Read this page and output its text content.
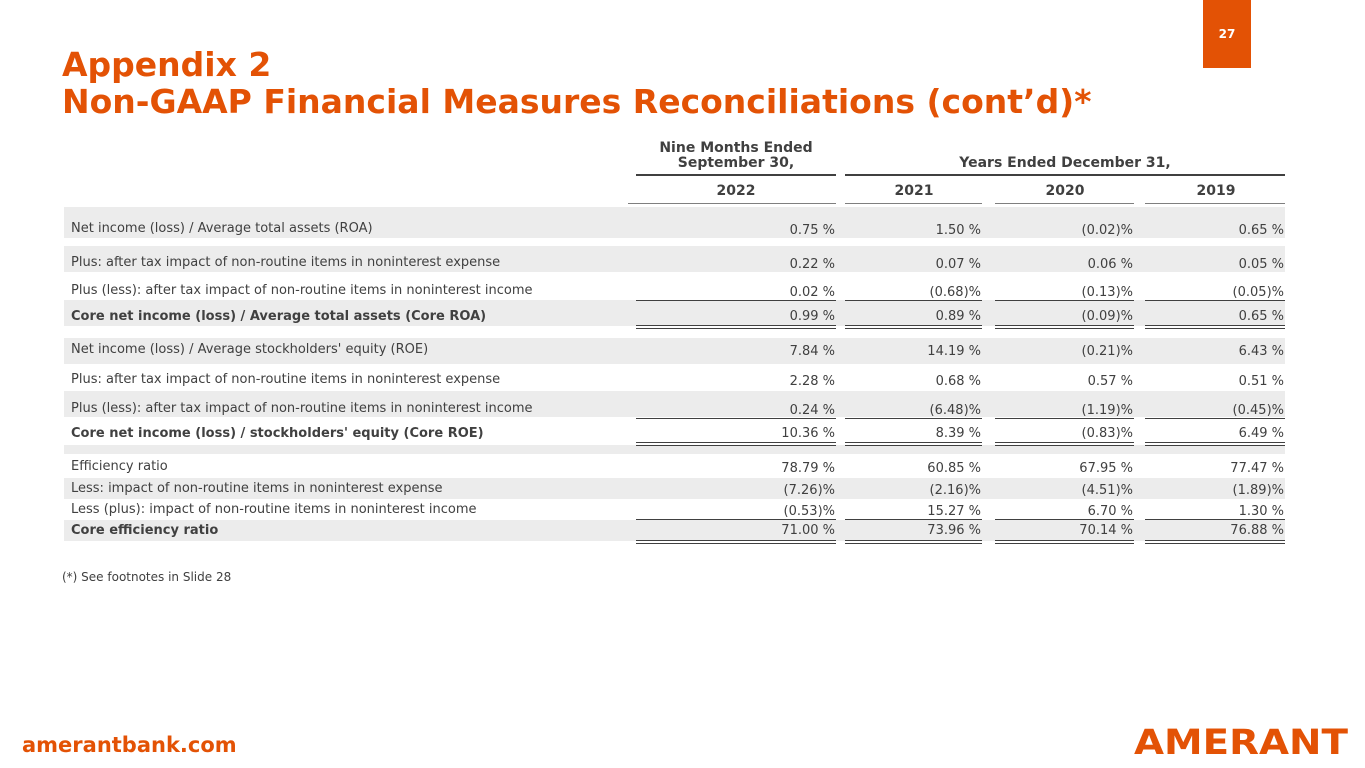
27
Appendix 2
Non-GAAP Financial Measures Reconciliations (cont’d)*
Nine Months Ended September 30,	Years Ended December 31,
2022	2021	2020	2019
Net income (loss) / Average total assets (ROA)	0.75 %	1.50 %	(0.02)%	0.65 %
Plus: after tax impact of non-routine items in noninterest expense	0.22 %	0.07 %	0.06 %	0.05 %
Plus (less): after tax impact of non-routine items in noninterest income	0.02 %	(0.68)%	(0.13)%	(0.05)%
Core net income (loss) / Average total assets (Core ROA)	0.99 %	0.89 %	(0.09)%	0.65 %
Net income (loss) / Average stockholders' equity (ROE)	7.84 %	14.19 %	(0.21)%	6.43 %
Plus: after tax impact of non-routine items in noninterest expense	2.28 %	0.68 %	0.57 %	0.51 %
Plus (less): after tax impact of non-routine items in noninterest income	0.24 %	(6.48)%	(1.19)%	(0.45)%
Core net income (loss) / stockholders' equity (Core ROE)	10.36 %	8.39 %	(0.83)%	6.49 %
Efficiency ratio	78.79 %	60.85 %	67.95 %	77.47 %
Less: impact of non-routine items in noninterest expense	(7.26)%	(2.16)%	(4.51)%	(1.89)%
Less (plus): impact of non-routine items in noninterest income	(0.53)%	15.27 %	6.70 %	1.30 %
Core efficiency ratio	71.00 %	73.96 %	70.14 %	76.88 %
(*) See footnotes in Slide 28
amerantbank.com	AMERANT
